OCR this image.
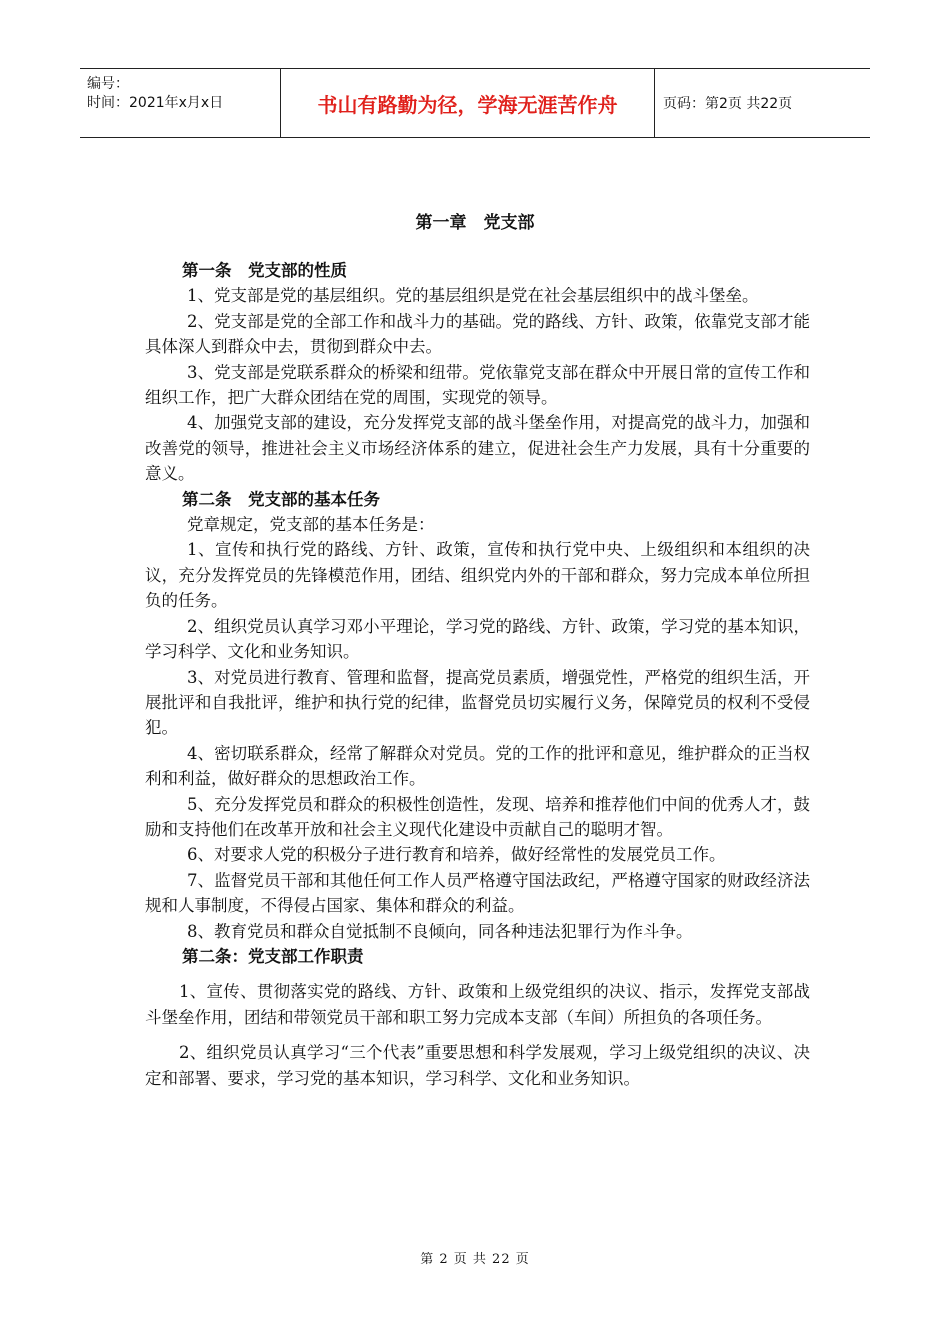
编号：
时间：2021年x月x日	书山有路勤为径，学海无涯苦作舟	页码：第2页 共22页
第一章　党支部

第一条　党支部的性质

1、党支部是党的基层组织。党的基层组织是党在社会基层组织中的战斗堡垒。

2、党支部是党的全部工作和战斗力的基础。党的路线、方针、政策，依靠党支部才能具体深人到群众中去，贯彻到群众中去。

3、党支部是党联系群众的桥梁和纽带。党依靠党支部在群众中开展日常的宣传工作和组织工作，把广大群众团结在党的周围，实现党的领导。

4、加强党支部的建设，充分发挥党支部的战斗堡垒作用，对提高党的战斗力，加强和改善党的领导，推进社会主义市场经济体系的建立，促进社会生产力发展，具有十分重要的意义。

第二条　党支部的基本任务

党章规定，党支部的基本任务是：

1、宣传和执行党的路线、方针、政策，宣传和执行党中央、上级组织和本组织的决议，充分发挥党员的先锋模范作用，团结、组织党内外的干部和群众，努力完成本单位所担负的任务。

2、组织党员认真学习邓小平理论，学习党的路线、方针、政策，学习党的基本知识，学习科学、文化和业务知识。

3、对党员进行教育、管理和监督，提高党员素质，增强党性，严格党的组织生活，开展批评和自我批评，维护和执行党的纪律，监督党员切实履行义务，保障党员的权利不受侵犯。

4、密切联系群众，经常了解群众对党员。党的工作的批评和意见，维护群众的正当权利和利益，做好群众的思想政治工作。

5、充分发挥党员和群众的积极性创造性，发现、培养和推荐他们中间的优秀人才，鼓励和支持他们在改革开放和社会主义现代化建设中贡献自己的聪明才智。

6、对要求人党的积极分子进行教育和培养，做好经常性的发展党员工作。

7、监督党员干部和其他任何工作人员严格遵守国法政纪，严格遵守国家的财政经济法规和人事制度，不得侵占国家、集体和群众的利益。

8、教育党员和群众自觉抵制不良倾向，同各种违法犯罪行为作斗争。

第二条：党支部工作职责

1、宣传、贯彻落实党的路线、方针、政策和上级党组织的决议、指示，发挥党支部战斗堡垒作用，团结和带领党员干部和职工努力完成本支部（车间）所担负的各项任务。

2、组织党员认真学习“三个代表”重要思想和科学发展观，学习上级党组织的决议、决定和部署、要求，学习党的基本知识，学习科学、文化和业务知识。

第 2 页 共 22 页
